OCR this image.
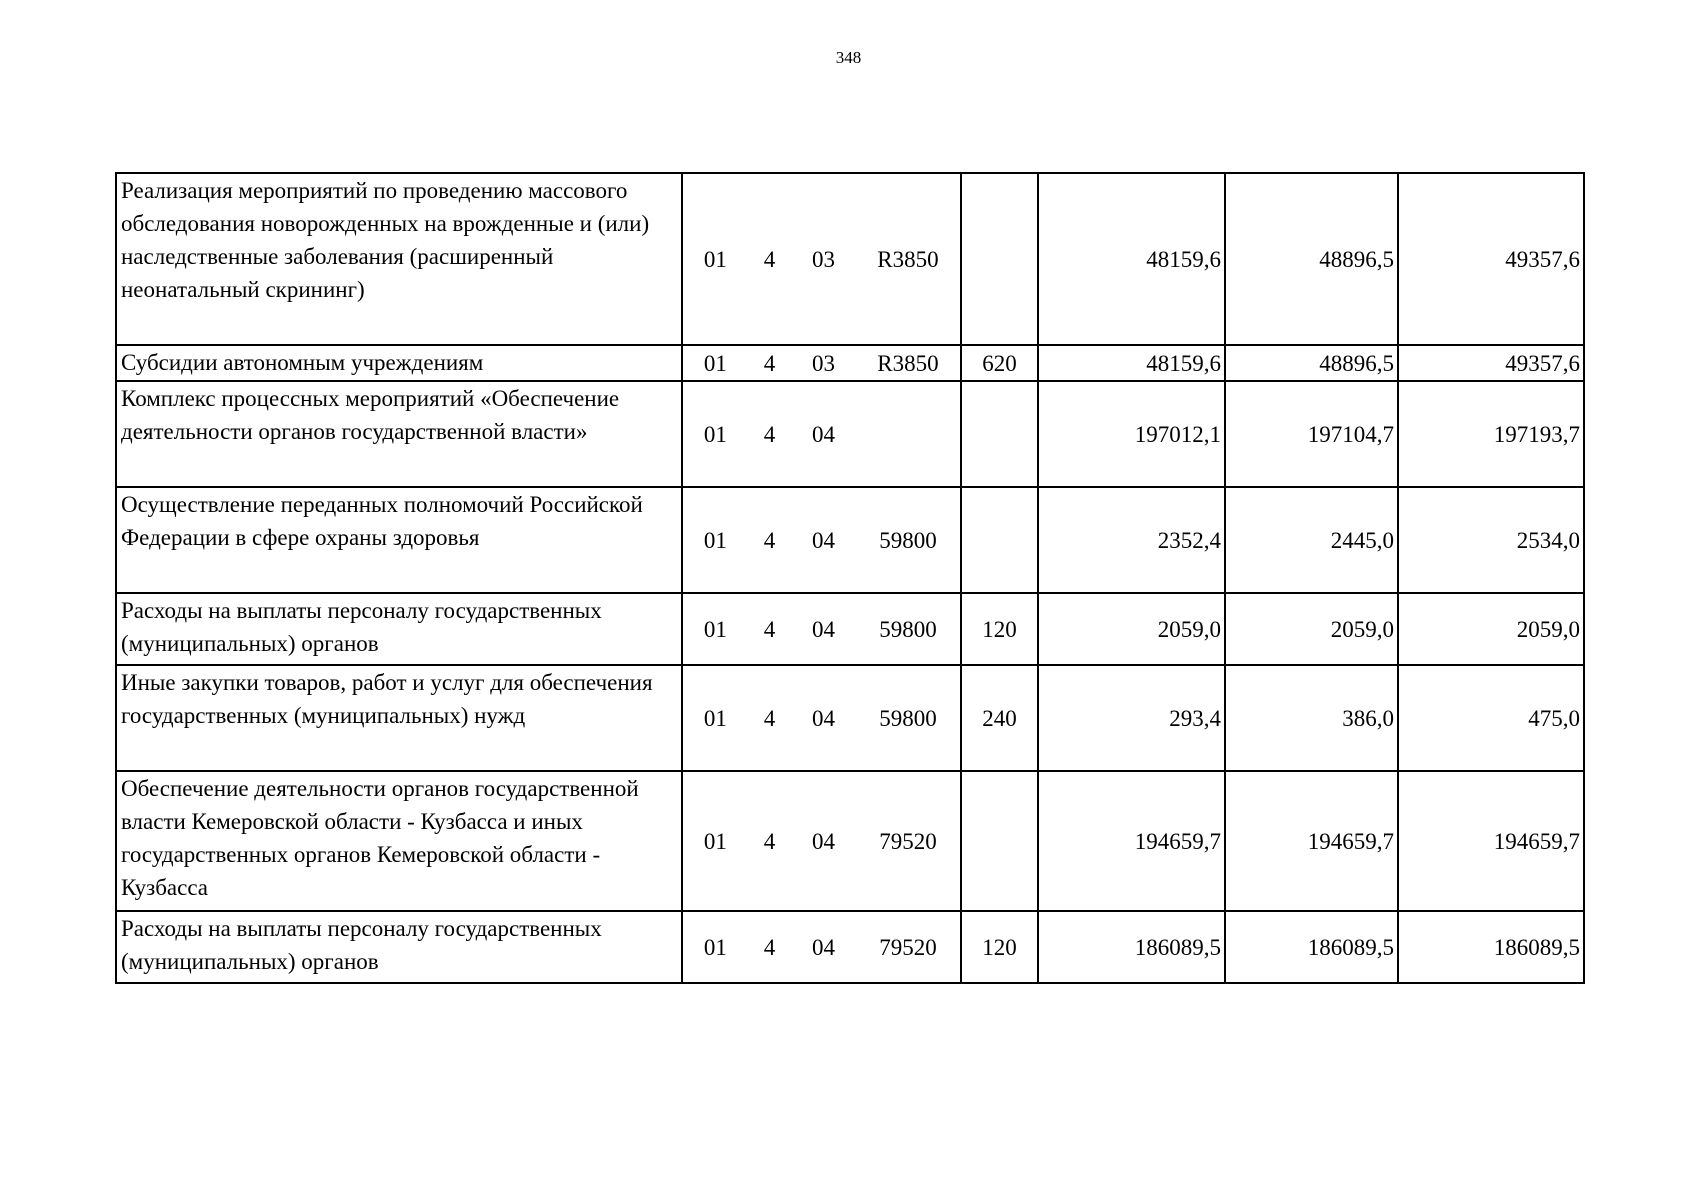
348
Реализация мероприятий по проведению массового обследования новорожденных на врожденные и (или) наследственные заболевания (расширенный неонатальный скрининг)	01 4 03 R3850		48159,6	48896,5	49357,6
Субсидии автономным учреждениям	01 4 03 R3850	620	48159,6	48896,5	49357,6
Комплекс процессных мероприятий «Обеспечение деятельности органов государственной власти»	01 4 04		197012,1	197104,7	197193,7
Осуществление переданных полномочий Российской Федерации в сфере охраны здоровья	01 4 04 59800		2352,4	2445,0	2534,0
Расходы на выплаты персоналу государственных (муниципальных) органов	01 4 04 59800	120	2059,0	2059,0	2059,0
Иные закупки товаров, работ и услуг для обеспечения государственных (муниципальных) нужд	01 4 04 59800	240	293,4	386,0	475,0
Обеспечение деятельности органов государственной власти Кемеровской области - Кузбасса и иных государственных органов Кемеровской области - Кузбасса	01 4 04 79520		194659,7	194659,7	194659,7
Расходы на выплаты персоналу государственных (муниципальных) органов	01 4 04 79520	120	186089,5	186089,5	186089,5
